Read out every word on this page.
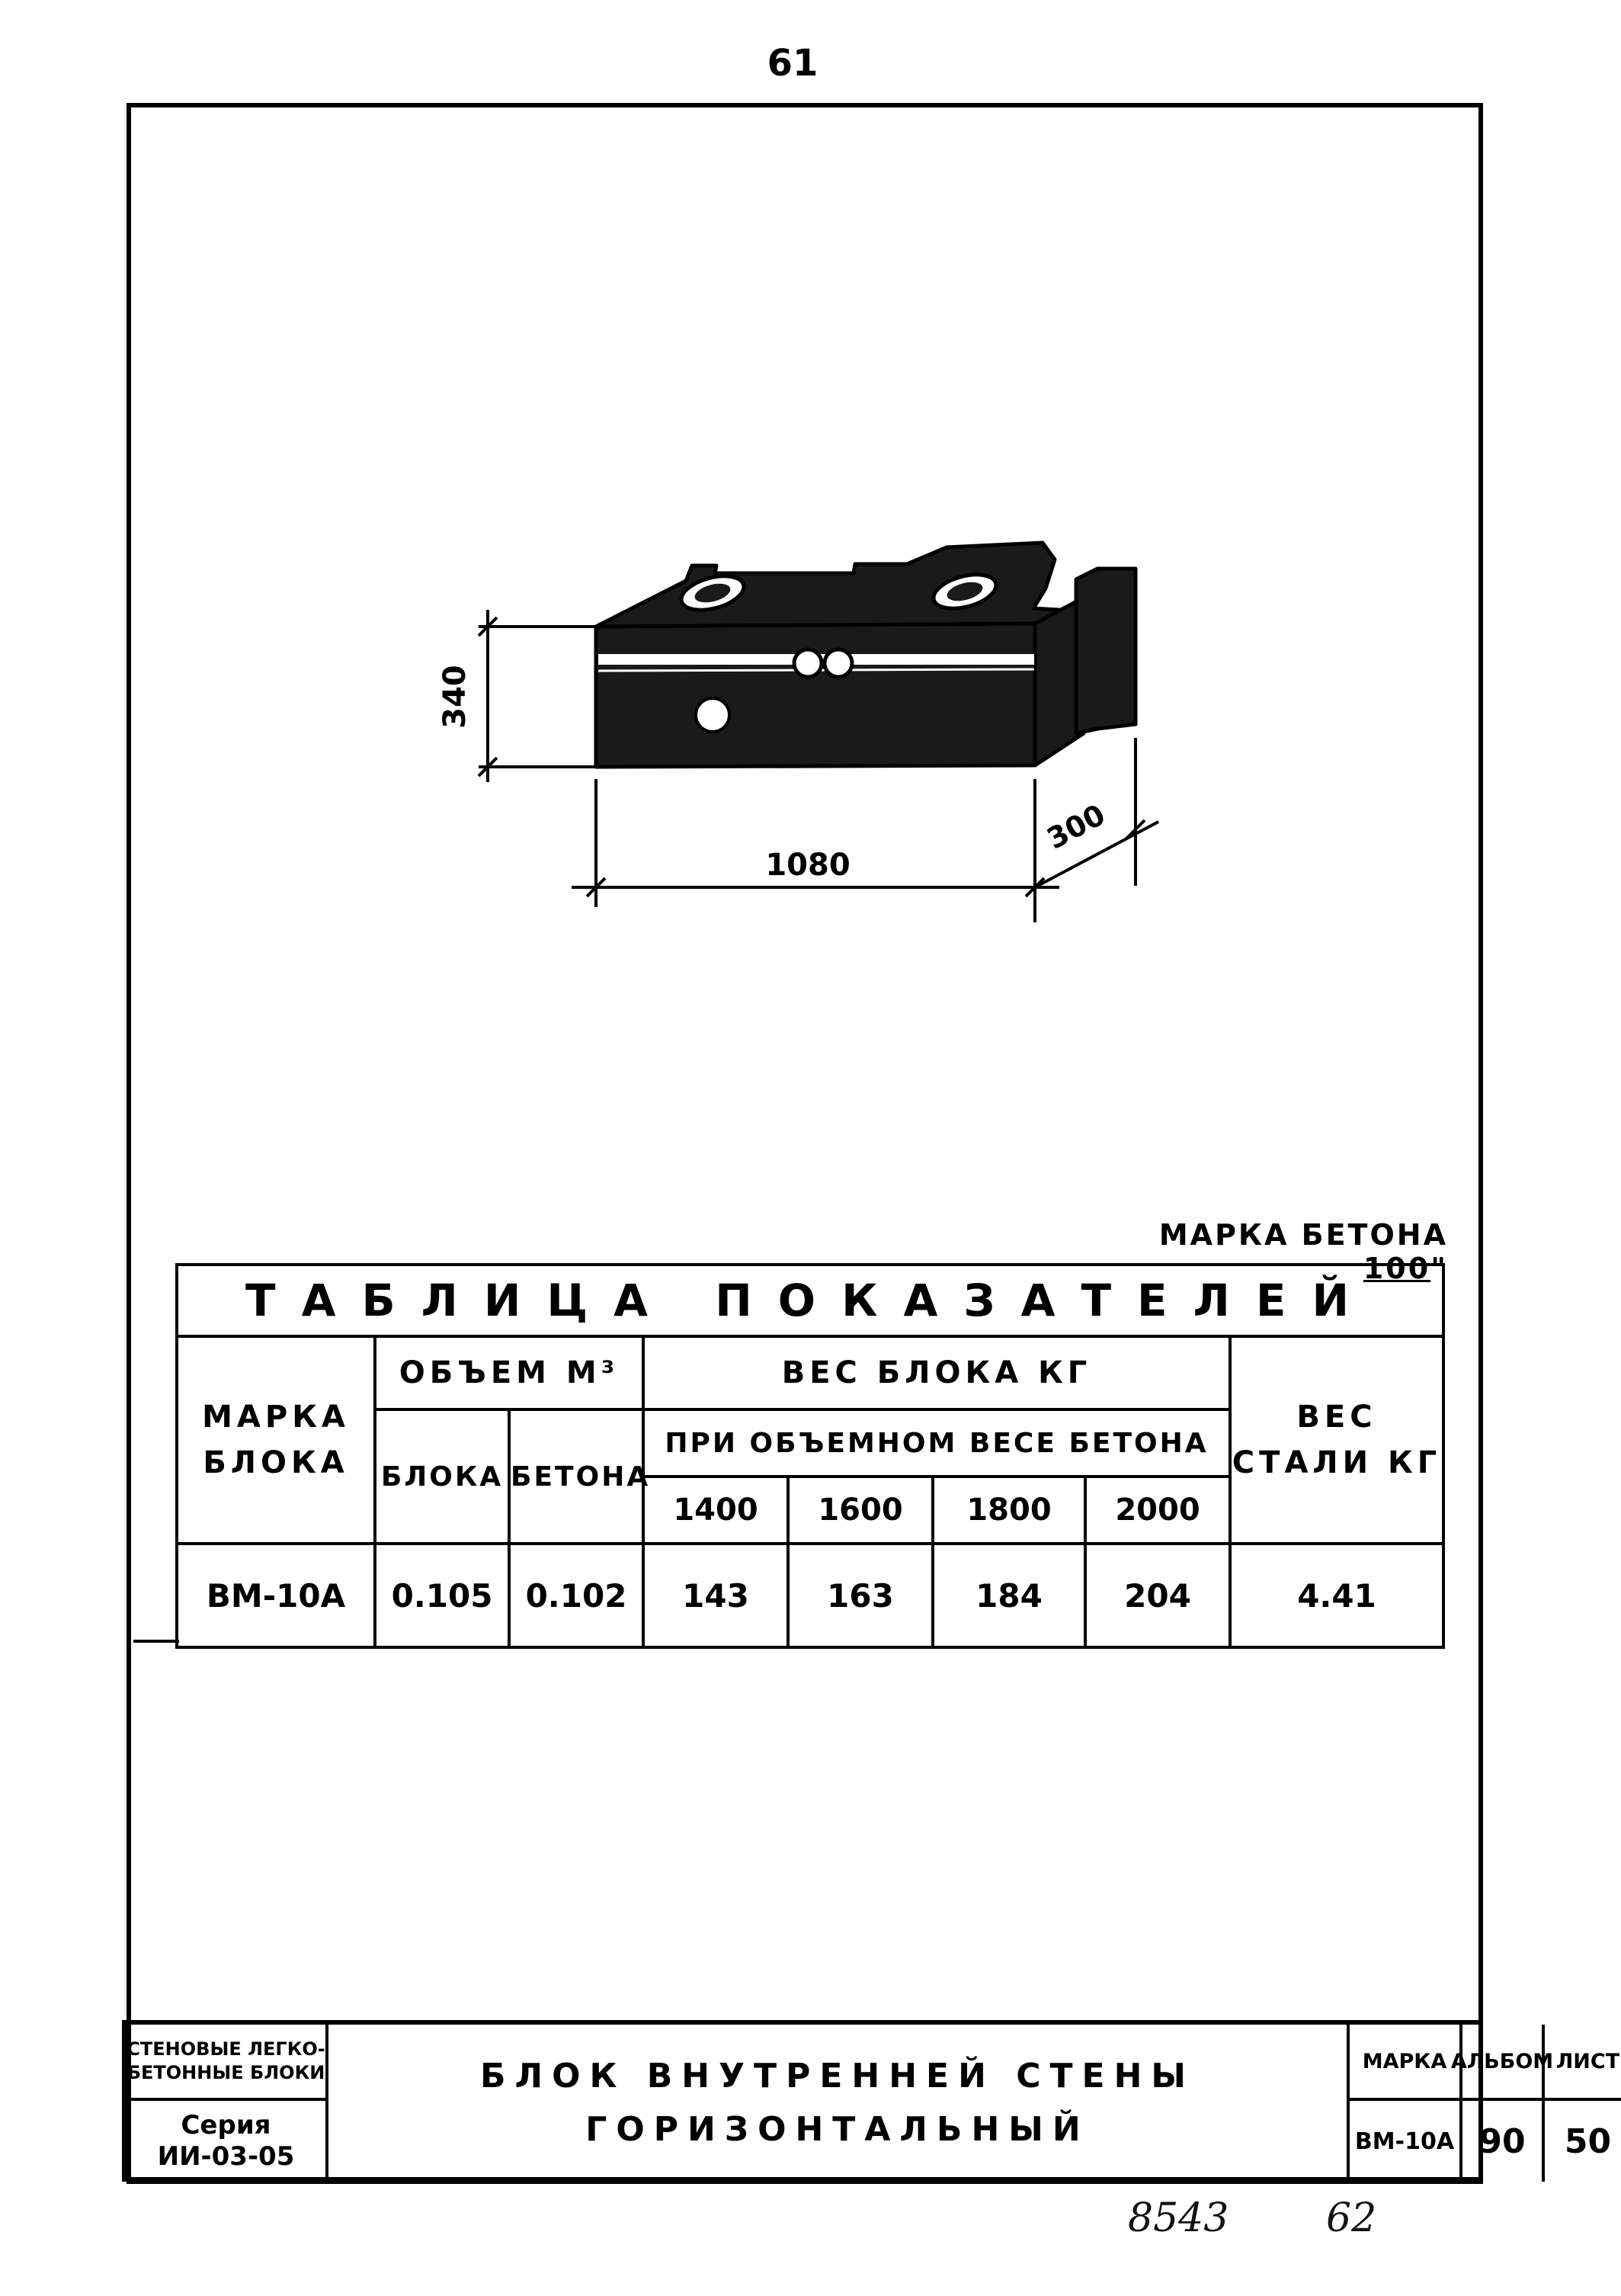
61
340
1080
300
МАРКА БЕТОНА 100"
ТАБЛИЦА ПОКАЗАТЕЛЕЙ							
МАРКА БЛОКА	ОБЪЕМ М³		ВЕС БЛОКА КГ				ВЕС СТАЛИ КГ
	БЛОКА	БЕТОНА	ПРИ ОБЪЕМНОМ ВЕСЕ БЕТОНА				
			1400	1600	1800	2000	
ВМ-10А	0.105	0.102	143	163	184	204	4.41
СТЕНОВЫЕ ЛЕГКО-БЕТОННЫЕ БЛОКИ
Серия
ИИ-03-05
БЛОК ВНУТРЕННЕЙ СТЕНЫ
ГОРИЗОНТАЛЬНЫЙ
МАРКА АЛЬБОМ ЛИСТ
ВМ-10А 90	50
8543 62
